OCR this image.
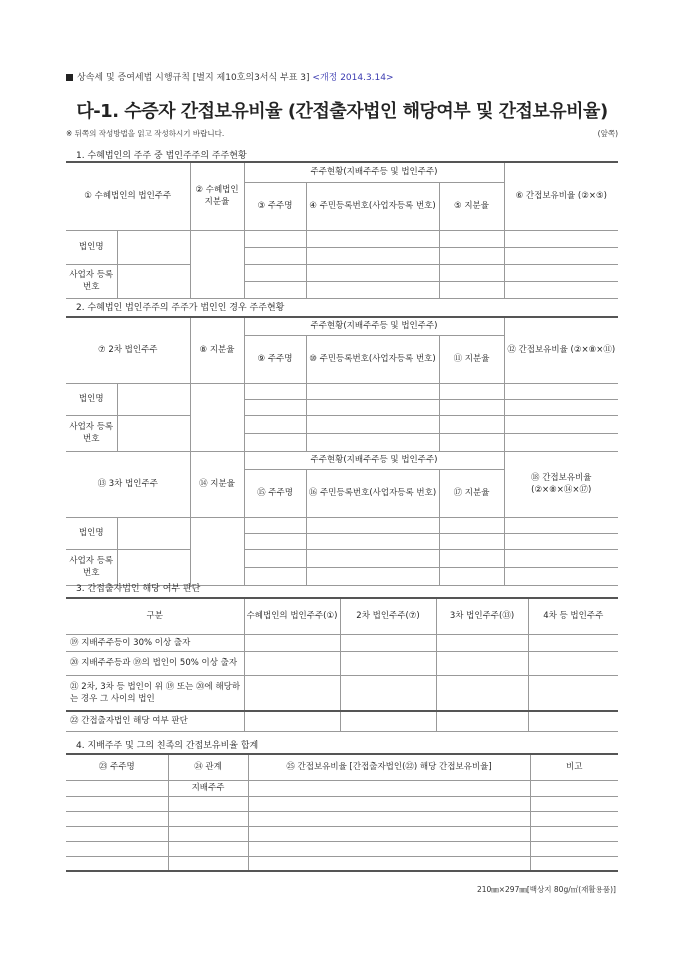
상속세 및 증여세법 시행규칙 [별지 제10호의3서식 부표 3] <개정 2014.3.14>
다-1. 수증자 간접보유비율 (간접출자법인 해당여부 및 간접보유비율)
※ 뒤쪽의 작성방법을 읽고 작성하시기 바랍니다.	(앞쪽)
1. 수혜법인의 주주 중 법인주주의 주주현황
① 수혜법인의 법인주주		② 수혜법인 지분율	주주현황(지배주주등 및 법인주주)			⑥ 간접보유비율 (②×⑤)
			③ 주주명	④ 주민등록번호(사업자등록 번호)	⑤ 지분율	
법인명						

사업자 등록번호						

2. 수혜법인 법인주주의 주주가 법인인 경우 주주현황
⑦ 2차 법인주주		⑧ 지분율	주주현황(지배주주등 및 법인주주)			⑫ 간접보유비율 (②×⑧×⑪)
			⑨ 주주명	⑩ 주민등록번호(사업자등록 번호)	⑪ 지분율	
법인명						

사업자 등록번호						

⑬ 3차 법인주주		⑭ 지분율	주주현황(지배주주등 및 법인주주)			⑱ 간접보유비율 (②×⑧×⑭×⑰)
			⑮ 주주명	⑯ 주민등록번호(사업자등록 번호)	⑰ 지분율	
법인명						

사업자 등록번호						

3. 간접출자법인 해당 여부 판단
구분	수혜법인의 법인주주(①)	2차 법인주주(⑦)	3차 법인주주(⑬)	4차 등 법인주주
⑲ 지배주주등이 30% 이상 출자				
⑳ 지배주주등과 ⑲의 법인이 50% 이상 출자				
㉑ 2차, 3차 등 법인이 위 ⑲ 또는 ⑳에 해당하는 경우 그 사이의 법인				
㉒ 간접출자법인 해당 여부 판단				
4. 지배주주 및 그의 친족의 간접보유비율 합계
㉓ 주주명	㉔ 관계	㉕ 간접보유비율 [간접출자법인(㉒) 해당 간접보유비율]	비고
	지배주주		

210㎜×297㎜[백상지 80g/㎡(재활용품)]
